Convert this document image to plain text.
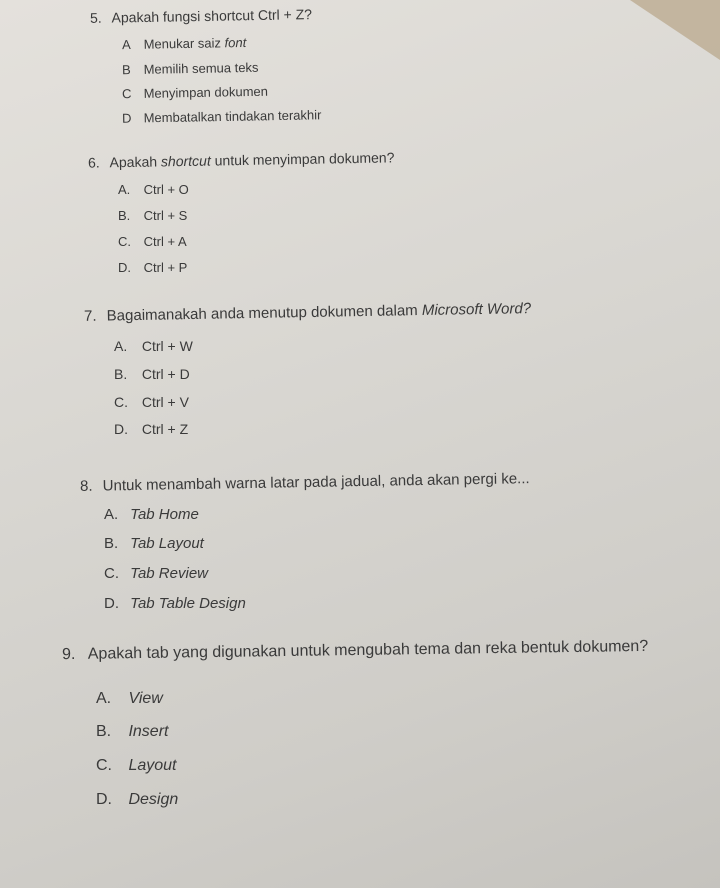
5. Apakah fungsi shortcut Ctrl + Z?
A Menukar saiz font
B Memilih semua teks
C Menyimpan dokumen
D Membatalkan tindakan terakhir
6. Apakah shortcut untuk menyimpan dokumen?
A. Ctrl + O
B. Ctrl + S
C. Ctrl + A
D. Ctrl + P
7. Bagaimanakah anda menutup dokumen dalam Microsoft Word?
A. Ctrl + W
B. Ctrl + D
C. Ctrl + V
D. Ctrl + Z
8. Untuk menambah warna latar pada jadual, anda akan pergi ke...
A. Tab Home
B. Tab Layout
C. Tab Review
D. Tab Table Design
9. Apakah tab yang digunakan untuk mengubah tema dan reka bentuk dokumen?
A. View
B. Insert
C. Layout
D. Design
